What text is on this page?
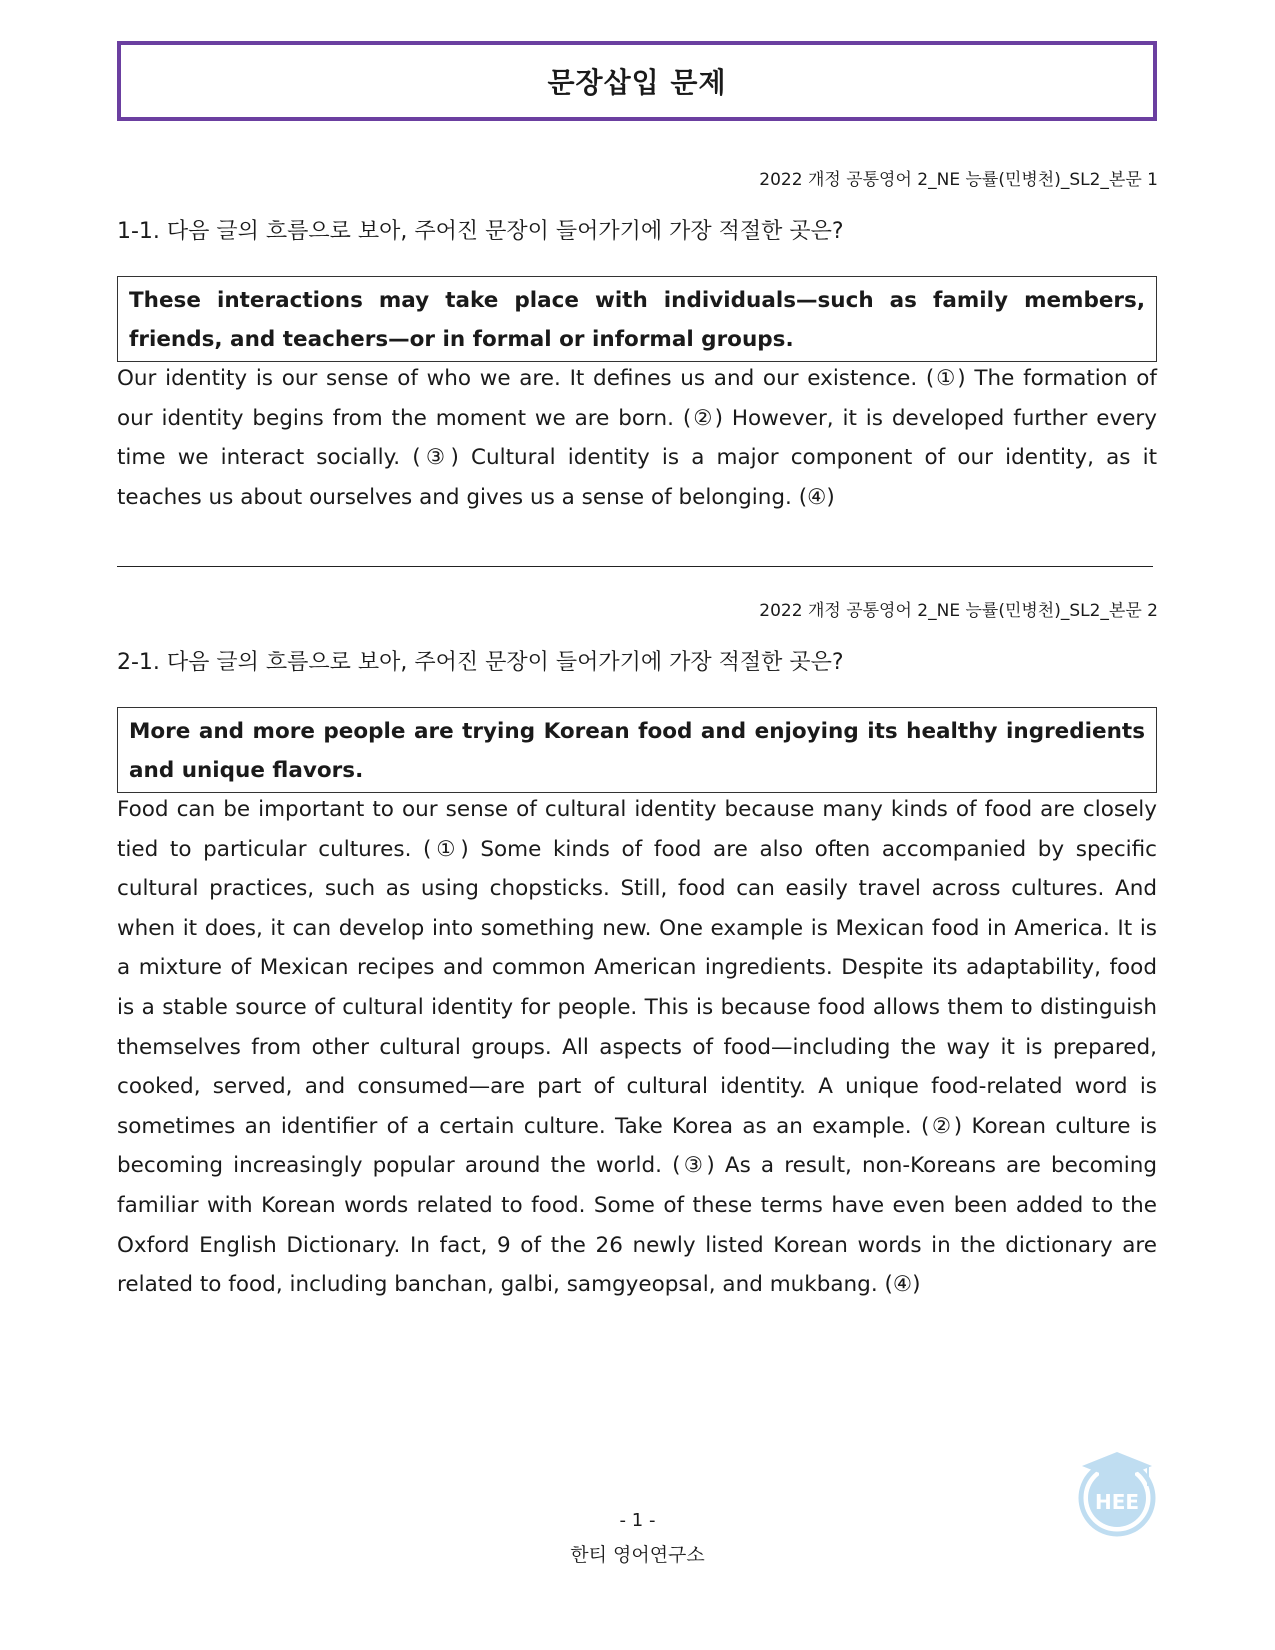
문장삽입 문제
2022 개정 공통영어 2_NE 능률(민병천)_SL2_본문 1
1-1. 다음 글의 흐름으로 보아, 주어진 문장이 들어가기에 가장 적절한 곳은?
These interactions may take place with individuals—such as family members, friends, and teachers—or in formal or informal groups.

Our identity is our sense of who we are. It defines us and our existence. (①) The formation of our identity begins from the moment we are born. (②) However, it is developed further every time we interact socially. (③) Cultural identity is a major component of our identity, as it teaches us about ourselves and gives us a sense of belonging. (④)

2022 개정 공통영어 2_NE 능률(민병천)_SL2_본문 2
2-1. 다음 글의 흐름으로 보아, 주어진 문장이 들어가기에 가장 적절한 곳은?
More and more people are trying Korean food and enjoying its healthy ingredients and unique flavors.

Food can be important to our sense of cultural identity because many kinds of food are closely tied to particular cultures. (①) Some kinds of food are also often accompanied by specific cultural practices, such as using chopsticks. Still, food can easily travel across cultures. And when it does, it can develop into something new. One example is Mexican food in America. It is a mixture of Mexican recipes and common American ingredients. Despite its adaptability, food is a stable source of cultural identity for people. This is because food allows them to distinguish themselves from other cultural groups. All aspects of food—including the way it is prepared, cooked, served, and consumed—are part of cultural identity. A unique food-related word is sometimes an identifier of a certain culture. Take Korea as an example. (②) Korean culture is becoming increasingly popular around the world. (③) As a result, non-Koreans are becoming familiar with Korean words related to food. Some of these terms have even been added to the Oxford English Dictionary. In fact, 9 of the 26 newly listed Korean words in the dictionary are related to food, including banchan, galbi, samgyeopsal, and mukbang. (④)

- 1 -
한티 영어연구소
HEE
